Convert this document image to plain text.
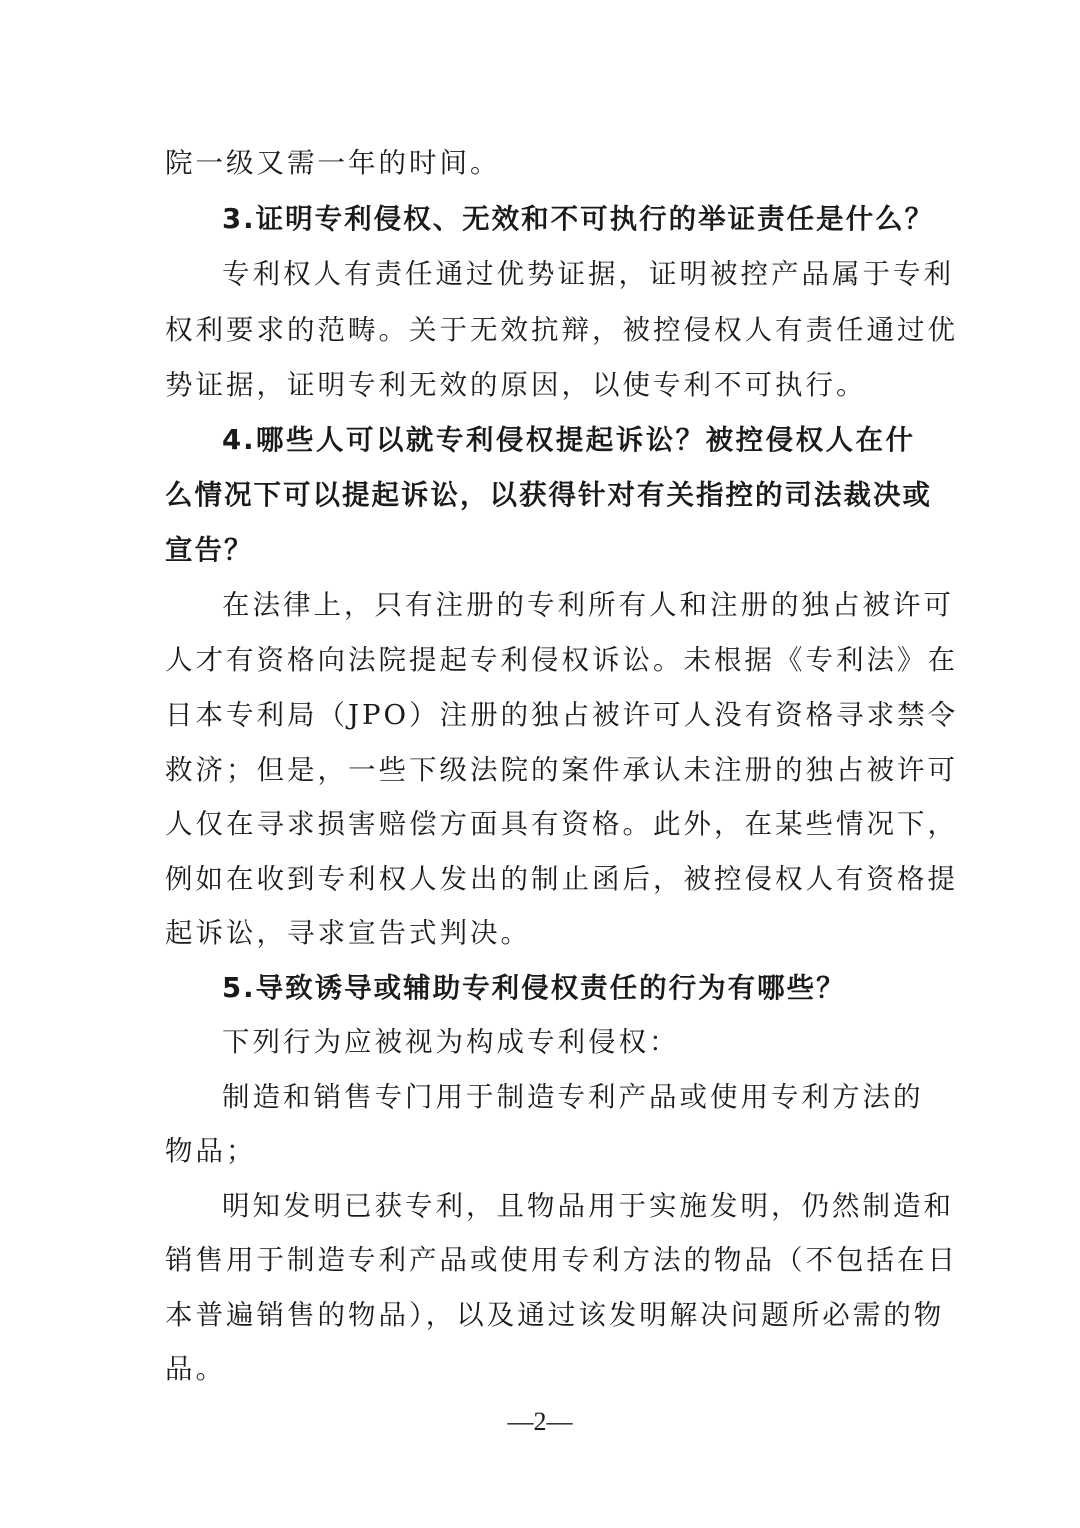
院一级又需一年的时间。
3.证明专利侵权、无效和不可执行的举证责任是什么？
专利权人有责任通过优势证据，证明被控产品属于专利
权利要求的范畴。关于无效抗辩，被控侵权人有责任通过优
势证据，证明专利无效的原因，以使专利不可执行。
4.哪些人可以就专利侵权提起诉讼？被控侵权人在什
么情况下可以提起诉讼，以获得针对有关指控的司法裁决或
宣告？
在法律上，只有注册的专利所有人和注册的独占被许可
人才有资格向法院提起专利侵权诉讼。未根据《专利法》在
日本专利局（JPO）注册的独占被许可人没有资格寻求禁令
救济；但是，一些下级法院的案件承认未注册的独占被许可
人仅在寻求损害赔偿方面具有资格。此外，在某些情况下，
例如在收到专利权人发出的制止函后，被控侵权人有资格提
起诉讼，寻求宣告式判决。
5.导致诱导或辅助专利侵权责任的行为有哪些？
下列行为应被视为构成专利侵权：
制造和销售专门用于制造专利产品或使用专利方法的
物品；
明知发明已获专利，且物品用于实施发明，仍然制造和
销售用于制造专利产品或使用专利方法的物品（不包括在日
本普遍销售的物品），以及通过该发明解决问题所必需的物
品。
—2—
